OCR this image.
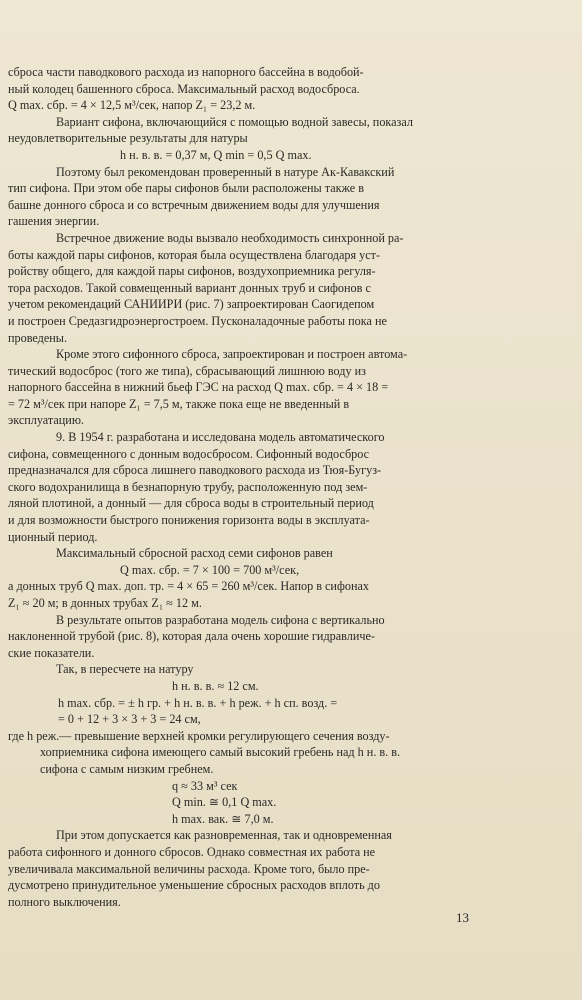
сброса части паводкового расхода из напорного бассейна в водобой-

ный колодец башенного сброса. Максимальный расход водосброса.

Q max. сбр. = 4 × 12,5 м³/сек, напор Z₁ = 23,2 м.

Вариант сифона, включающийся с помощью водной завесы, показал

неудовлетворительные результаты для натуры

h н. в. в. = 0,37 м, Q min = 0,5 Q max.

Поэтому был рекомендован проверенный в натуре Ак-Кавакский

тип сифона. При этом обе пары сифонов были расположены также в

башне донного сброса и со встречным движением воды для улучшения

гашения энергии.

Встречное движение воды вызвало необходимость синхронной ра-

боты каждой пары сифонов, которая была осуществлена благодаря уст-

ройству общего, для каждой пары сифонов, воздухоприемника регуля-

тора расходов. Такой совмещенный вариант донных труб и сифонов с

учетом рекомендаций САНИИРИ (рис. 7) запроектирован Саогидепом

и построен Средазгидроэнергостроем. Пусконаладочные работы пока не

проведены.

Кроме этого сифонного сброса, запроектирован и построен автома-

тический водосброс (того же типа), сбрасывающий лишнюю воду из

напорного бассейна в нижний бьеф ГЭС на расход Q max. сбр. = 4 × 18 =

= 72 м³/сек при напоре Z₁ = 7,5 м, также пока еще не введенный в

эксплуатацию.

9. В 1954 г. разработана и исследована модель автоматического

сифона, совмещенного с донным водосбросом. Сифонный водосброс

предназначался для сброса лишнего паводкового расхода из Тюя-Бугуз-

ского водохранилища в безнапорную трубу, расположенную под зем-

ляной плотиной, а донный — для сброса воды в строительный период

и для возможности быстрого понижения горизонта воды в эксплуата-

ционный период.

Максимальный сбросной расход семи сифонов равен

Q max. сбр. = 7 × 100 = 700 м³/сек,

а донных труб Q max. доп. тр. = 4 × 65 = 260 м³/сек. Напор в сифонах

Z₁ ≈ 20 м; в донных трубах Z₁ ≈ 12 м.

В результате опытов разработана модель сифона с вертикально

наклоненной трубой (рис. 8), которая дала очень хорошие гидравличе-

ские показатели.

Так, в пересчете на натуру

h н. в. в. ≈ 12 см.

h max. сбр. = ± h гр. + h н. в. в. + h реж. + h сп. возд. =

= 0 + 12 + 3 × 3 + 3 = 24 см,

где h реж.— превышение верхней кромки регулирующего сечения возду-

хоприемника сифона имеющего самый высокий гребень над h н. в. в.

сифона с самым низким гребнем.

q ≈ 33 м³ сек

Q min. ≅ 0,1 Q max.

h max. вак. ≅ 7,0 м.

При этом допускается как разновременная, так и одновременная

работа сифонного и донного сбросов. Однако совместная их работа не

увеличивала максимальной величины расхода. Кроме того, было пре-

дусмотрено принудительное уменьшение сбросных расходов вплоть до

полного выключения.

13
